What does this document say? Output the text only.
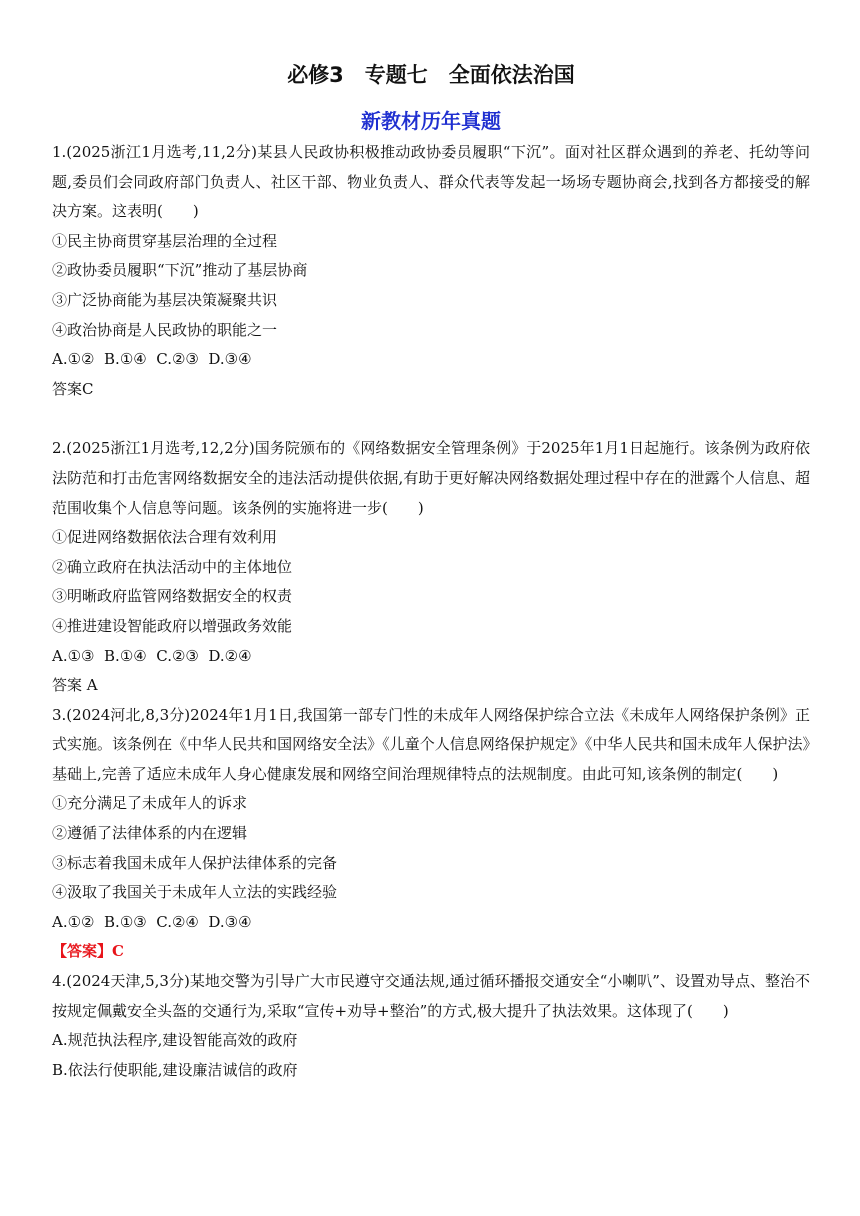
必修3　专题七　全面依法治国
新教材历年真题

1.(2025浙江1月选考,11,2分)某县人民政协积极推动政协委员履职“下沉”。面对社区群众遇到的养老、托幼等问题,委员们会同政府部门负责人、社区干部、物业负责人、群众代表等发起一场场专题协商会,找到各方都接受的解决方案。这表明(　　)

①民主协商贯穿基层治理的全过程

②政协委员履职“下沉”推动了基层协商

③广泛协商能为基层决策凝聚共识

④政治协商是人民政协的职能之一

A.①②  B.①④  C.②③  D.③④

答案C

2.(2025浙江1月选考,12,2分)国务院颁布的《网络数据安全管理条例》于2025年1月1日起施行。该条例为政府依法防范和打击危害网络数据安全的违法活动提供依据,有助于更好解决网络数据处理过程中存在的泄露个人信息、超范围收集个人信息等问题。该条例的实施将进一步(　　)

①促进网络数据依法合理有效利用

②确立政府在执法活动中的主体地位

③明晰政府监管网络数据安全的权责

④推进建设智能政府以增强政务效能

A.①③  B.①④  C.②③  D.②④

答案 A

3.(2024河北,8,3分)2024年1月1日,我国第一部专门性的未成年人网络保护综合立法《未成年人网络保护条例》正式实施。该条例在《中华人民共和国网络安全法》《儿童个人信息网络保护规定》《中华人民共和国未成年人保护法》基础上,完善了适应未成年人身心健康发展和网络空间治理规律特点的法规制度。由此可知,该条例的制定(　　)

①充分满足了未成年人的诉求

②遵循了法律体系的内在逻辑

③标志着我国未成年人保护法律体系的完备

④汲取了我国关于未成年人立法的实践经验

A.①②  B.①③  C.②④  D.③④

【答案】C

4.(2024天津,5,3分)某地交警为引导广大市民遵守交通法规,通过循环播报交通安全“小喇叭”、设置劝导点、整治不按规定佩戴安全头盔的交通行为,采取“宣传+劝导+整治”的方式,极大提升了执法效果。这体现了(　　)

A.规范执法程序,建设智能高效的政府

B.依法行使职能,建设廉洁诚信的政府
